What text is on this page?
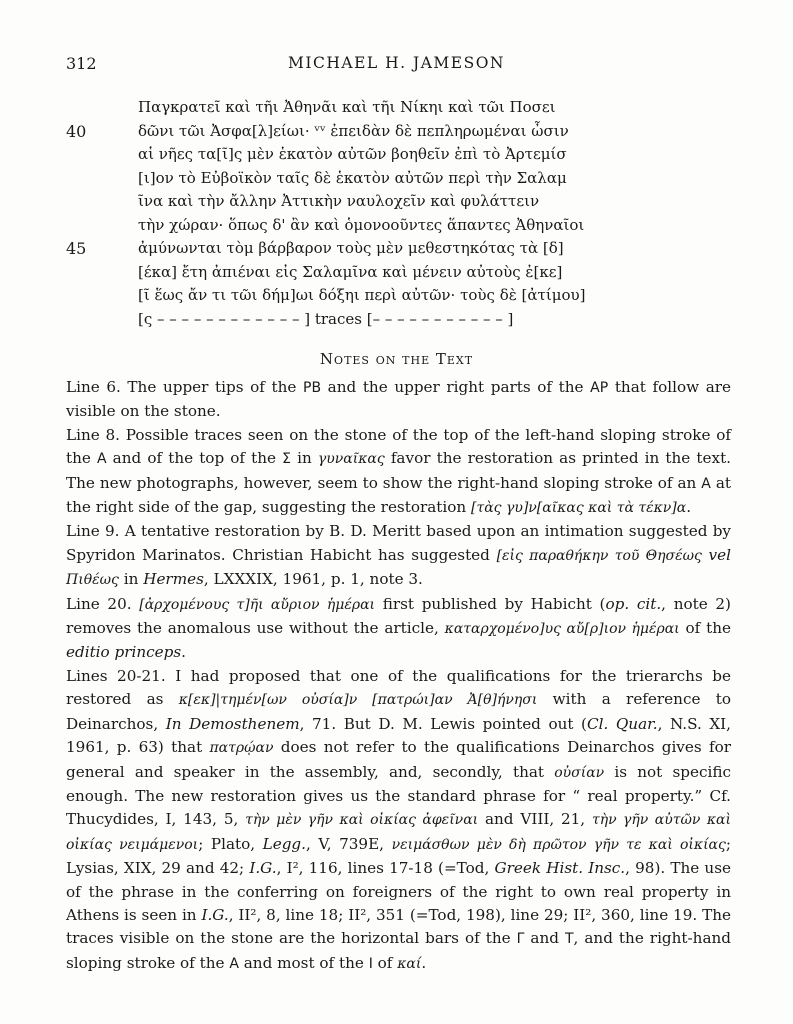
312	MICHAEL H. JAMESON
Παγκρατεῖ καὶ τῆι Ἀθηνᾶι καὶ τῆι Νίκηι καὶ τῶι Ποσει
40	δῶνι τῶι Ἀσφα[λ]είωι· ᵛᵛ ἐπειδὰν δὲ πεπληρωμέναι ὦσιν
αἱ νῆες τα[ῖ]ς μὲν ἑκατὸν αὐτῶν βοηθεῖν ἐπὶ τὸ Ἀρτεμίσ
[ι]ον τὸ Εὐβοϊκὸν ταῖς δὲ ἑκατὸν αὐτῶν περὶ τὴν Σαλαμ
ῖνα καὶ τὴν ἄλλην Ἀττικὴν ναυλοχεῖν καὶ φυλάττειν
τὴν χώραν· ὅπως δ' ἂν καὶ ὁμονοοῦντες ἅπαντες Ἀθηναῖοι
45	ἀμύνωνται τὸμ βάρβαρον τοὺς μὲν μεθεστηκότας τὰ [δ]
[έκα] ἔτη ἀπιέναι εἰς Σαλαμῖνα καὶ μένειν αὐτοὺς ἐ[κε]
[ῖ ἕως ἄν τι τῶι δήμ]ωι δόξηι περὶ αὐτῶν· τοὺς δὲ [ἀτίμου]
[ς – – – – – – – – – – – – ] traces [– – – – – – – – – – – ]
Notes on the Text

Line 6. The upper tips of the PB and the upper right parts of the AP that follow are visible on the stone.

Line 8. Possible traces seen on the stone of the top of the left-hand sloping stroke of the A and of the top of the Σ in γυναῖκας favor the restoration as printed in the text. The new photographs, however, seem to show the right-hand sloping stroke of an A at the right side of the gap, suggesting the restoration [τὰς γυ]ν[αῖκας καὶ τὰ τέκν]α.

Line 9. A tentative restoration by B. D. Meritt based upon an intimation suggested by Spyridon Marinatos. Christian Habicht has suggested [εἰς παραθήκην τοῦ Θησέως vel Πιθέως in Hermes, LXXXIX, 1961, p. 1, note 3.

Line 20. [ἀρχομένους τ]ῆι αὔριον ἡμέραι first published by Habicht (op. cit., note 2) removes the anomalous use without the article, καταρχομένο]υς αὔ[ρ]ιον ἡμέραι of the editio princeps.

Lines 20-21. I had proposed that one of the qualifications for the trierarchs be restored as κ[εκ]|τημέν[ων οὐσία]ν [πατρώι]αν Ἀ[θ]ήνησι with a reference to Deinarchos, In Demosthenem, 71. But D. M. Lewis pointed out (Cl. Quar., N.S. XI, 1961, p. 63) that πατρῴαν does not refer to the qualifications Deinarchos gives for general and speaker in the assembly, and, secondly, that οὐσίαν is not specific enough. The new restoration gives us the standard phrase for “ real property.” Cf. Thucydides, I, 143, 5, τὴν μὲν γῆν καὶ οἰκίας ἀφεῖναι and VIII, 21, τὴν γῆν αὐτῶν καὶ οἰκίας νειμάμενοι; Plato, Legg., V, 739E, νειμάσθων μὲν δὴ πρῶτον γῆν τε καὶ οἰκίας; Lysias, XIX, 29 and 42; I.G., I², 116, lines 17-18 (=Tod, Greek Hist. Insc., 98). The use of the phrase in the conferring on foreigners of the right to own real property in Athens is seen in I.G., II², 8, line 18; II², 351 (=Tod, 198), line 29; II², 360, line 19. The traces visible on the stone are the horizontal bars of the Γ and T, and the right-hand sloping stroke of the A and most of the I of καί.
